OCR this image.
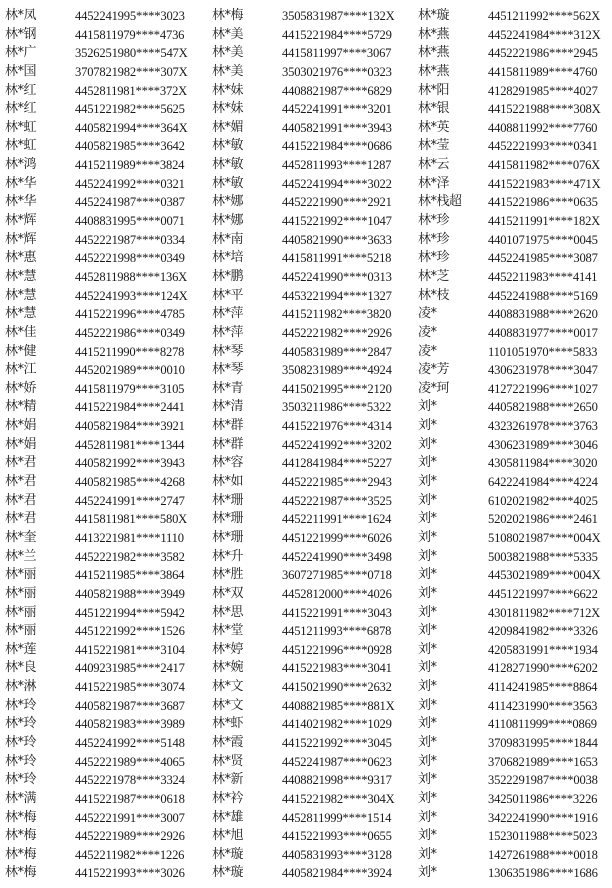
林*凤	4452241995****3023
林*钢	4415811979****4736
林*广	3526251980****547X
林*国	3707821982****307X
林*红	4452811981****372X
林*红	4451221982****5625
林*虹	4405821994****364X
林*虹	4405821985****3642
林*鸿	4415211989****3824
林*华	4452241992****0321
林*华	4452241987****0387
林*辉	4408831995****0071
林*辉	4452221987****0334
林*惠	4452221998****0349
林*慧	4452811988****136X
林*慧	4452241993****124X
林*慧	4415221996****4785
林*佳	4452221986****0349
林*健	4415211990****8278
林*江	4452021989****0010
林*娇	4415811979****3105
林*精	4415221984****2441
林*娟	4405821984****3921
林*娟	4452811981****1344
林*君	4405821992****3943
林*君	4405821985****4268
林*君	4452241991****2747
林*君	4415811981****580X
林*奎	4413221981****1110
林*兰	4452221982****3582
林*丽	4415211985****3864
林*丽	4405821988****3949
林*丽	4451221994****5942
林*丽	4451221992****1526
林*莲	4415221981****3104
林*良	4409231985****2417
林*淋	4415221985****3074
林*玲	4405821987****3687
林*玲	4405821983****3989
林*玲	4452241992****5148
林*玲	4452221989****4065
林*玲	4452221978****3324
林*满	4415221987****0618
林*梅	4452221991****3007
林*梅	4452221989****2926
林*梅	4452211982****1226
林*梅	4415221993****3026
林*梅	3505831987****132X
林*美	4415221984****5729
林*美	4415811997****3067
林*美	3503021976****0323
林*妹	4408821987****6829
林*妹	4452241991****3201
林*媚	4405821991****3943
林*敏	4415221984****0686
林*敏	4452811993****1287
林*敏	4452241994****3022
林*娜	4452221990****2921
林*娜	4415221992****1047
林*南	4405821990****3633
林*培	4415811991****5218
林*鹏	4452241990****0313
林*平	4453221994****1327
林*萍	4415211982****3820
林*萍	4452221982****2926
林*琴	4405831989****2847
林*琴	3508231989****4924
林*青	4415021995****2120
林*清	3503211986****5322
林*群	4415221976****4314
林*群	4452241992****3202
林*容	4412841984****5227
林*如	4452221985****2943
林*珊	4452221987****3525
林*珊	4452211991****1624
林*珊	4451221999****6026
林*升	4452241990****3498
林*胜	3607271985****0718
林*双	4452812000****4026
林*思	4415221991****3043
林*堂	4451211993****6878
林*婷	4451221996****0928
林*婉	4415221983****3041
林*文	4415021990****2632
林*文	4408821985****881X
林*虾	4414021982****1029
林*霞	4415221992****3045
林*贤	4452241987****0623
林*新	4408821998****9317
林*衿	4415221982****304X
林*雄	4452811999****1514
林*旭	4415221993****0655
林*璇	4405831993****3128
林*璇	4405821984****3924
林*璇	4451211992****562X
林*燕	4452241984****312X
林*燕	4452221986****2945
林*燕	4415811989****4760
林*阳	4128291985****4027
林*银	4415221988****308X
林*英	4408811992****7760
林*莹	4452221993****0341
林*云	4415811982****076X
林*泽	4415221983****471X
林*栈超 4415221986****0635
林*珍	4415211991****182X
林*珍	4401071975****0045
林*珍	4452241985****3087
林*芝	4452211983****4141
林*枝	4452241988****5169
凌*	4408831988****2620
凌*	4408831977****0017
凌*	1101051970****5833
凌*芳	4306231978****3047
凌*珂	4127221996****1027
刘*	4405821988****2650
刘*	4323261978****3763
刘*	4306231989****3046
刘*	4305811984****3020
刘*	6422241984****4224
刘*	6102021982****4025
刘*	5202021986****2461
刘*	5108021987****004X
刘*	5003821988****5335
刘*	4453021989****004X
刘*	4451221997****6622
刘*	4301811982****712X
刘*	4209841982****3326
刘*	4205831991****1934
刘*	4128271990****6202
刘*	4114241985****8864
刘*	4114231990****3563
刘*	4110811999****0869
刘*	3709831995****1844
刘*	3706821989****1653
刘*	3522291987****0038
刘*	3425011986****3226
刘*	3422241990****1916
刘*	1523011988****5023
刘*	1427261988****0018
刘*	1306351986****1686
